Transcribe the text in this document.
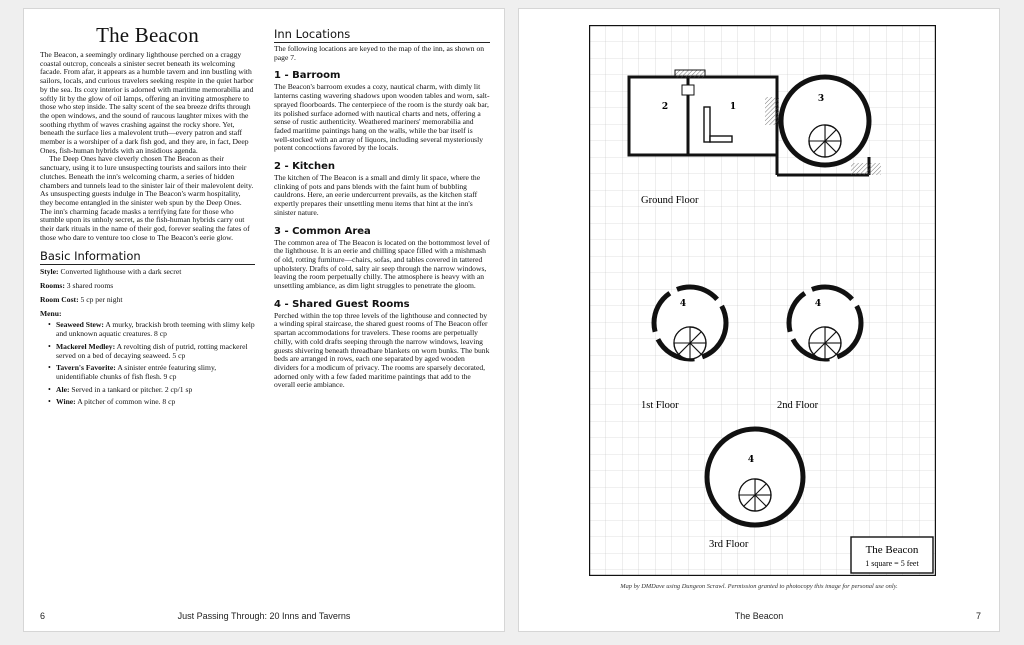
The Beacon

The Beacon, a seemingly ordinary lighthouse perched on a craggy coastal outcrop, conceals a sinister secret beneath its welcoming facade. From afar, it appears as a humble tavern and inn bustling with sailors, locals, and curious travelers seeking respite in the quiet harbor by the sea. Its cozy interior is adorned with maritime memorabilia and softly lit by the glow of oil lamps, offering an inviting atmosphere to those who step inside. The salty scent of the sea breeze drifts through the open windows, and the sound of raucous laughter mixes with the soothing rhythm of waves crashing against the rocky shore. Yet, beneath the surface lies a malevolent truth—every patron and staff member is a worshiper of a dark fish god, and they are, in fact, Deep Ones, fish-human hybrids with an insidious agenda.

The Deep Ones have cleverly chosen The Beacon as their sanctuary, using it to lure unsuspecting tourists and sailors into their clutches. Beneath the inn's welcoming charm, a series of hidden chambers and tunnels lead to the sinister lair of their malevolent deity. As unsuspecting guests indulge in The Beacon's warm hospitality, they become entangled in the sinister web spun by the Deep Ones. The inn's charming facade masks a terrifying fate for those who stumble upon its unholy secret, as the fish-human hybrids carry out their dark rituals in the name of their god, forever sealing the fates of those who dare to venture too close to The Beacon's eerie glow.

Basic Information
Style: Converted lighthouse with a dark secret
Rooms: 3 shared rooms
Room Cost: 5 cp per night
Menu:
• Seaweed Stew: A murky, brackish broth teeming with slimy kelp and unknown aquatic creatures. 8 cp
• Mackerel Medley: A revolting dish of putrid, rotting mackerel served on a bed of decaying seaweed. 5 cp
• Tavern's Favorite: A sinister entrée featuring slimy, unidentifiable chunks of fish flesh. 9 cp
• Ale: Served in a tankard or pitcher. 2 cp/1 sp
• Wine: A pitcher of common wine. 8 cp
Inn Locations
The following locations are keyed to the map of the inn, as shown on page 7.
1 - Barroom
The Beacon's barroom exudes a cozy, nautical charm, with dimly lit lanterns casting wavering shadows upon wooden tables and worn, salt-sprayed floorboards. The centerpiece of the room is the sturdy oak bar, its polished surface adorned with nautical charts and nets, offering a sense of rustic authenticity. Weathered mariners' memorabilia and faded maritime paintings hang on the walls, while the bar itself is well-stocked with an array of liquors, including several mysteriously potent concoctions favored by the locals.
2 - Kitchen
The kitchen of The Beacon is a small and dimly lit space, where the clinking of pots and pans blends with the faint hum of bubbling cauldrons. Here, an eerie undercurrent prevails, as the kitchen staff expertly prepares their unsettling menu items that hint at the inn's sinister nature.
3 - Common Area
The common area of The Beacon is located on the bottommost level of the lighthouse. It is an eerie and chilling space filled with a mishmash of old, rotting furniture—chairs, sofas, and tables covered in tattered upholstery. Drafts of cold, salty air seep through the narrow windows, leaving the room perpetually chilly. The atmosphere is heavy with an unsettling ambiance, as dim light struggles to penetrate the gloom.
4 - Shared Guest Rooms
Perched within the top three levels of the lighthouse and connected by a winding spiral staircase, the shared guest rooms of The Beacon offer spartan accommodations for travelers. These rooms are perpetually chilly, with cold drafts seeping through the narrow windows, leaving guests shivering beneath threadbare blankets on worn bunks. The bunk beds are arranged in rows, each one separated by aged wooden dividers for a modicum of privacy. The rooms are sparsely decorated, adorned only with a few faded maritime paintings that add to the overall eerie ambiance.
6	Just Passing Through: 20 Inns and Taverns
2	1
3
4	4
4
Ground Floor
1st Floor	2nd Floor
3rd Floor	The Beacon
1 square = 5 feet
Map by DMDave using Dungeon Scrawl. Permission granted to photocopy this image for personal use only.
The Beacon	7
